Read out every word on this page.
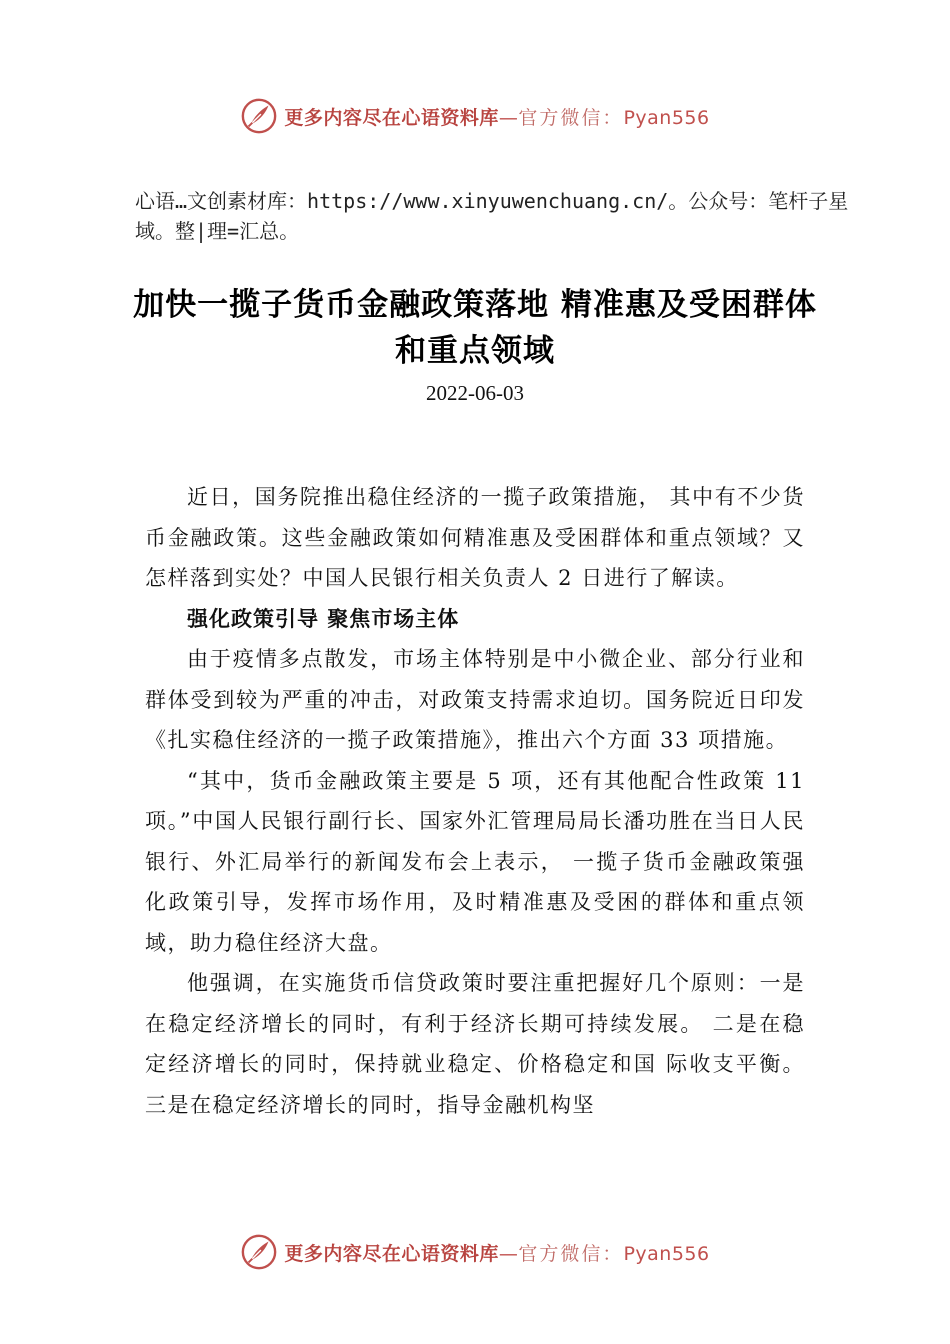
更多内容尽在心语资料库—官方微信：Pyan556
心语…文创素材库：https://www.xinyuwenchuang.cn/。公众号：笔杆子星域。整|理=汇总。
加快一揽子货币金融政策落地 精准惠及受困群体和重点领域
2022-06-03

近日，国务院推出稳住经济的一揽子政策措施， 其中有不少货币金融政策。这些金融政策如何精准惠及受困群体和重点领域？又怎样落到实处？中国人民银行相关负责人 2 日进行了解读。

强化政策引导 聚焦市场主体

由于疫情多点散发，市场主体特别是中小微企业、部分行业和群体受到较为严重的冲击，对政策支持需求迫切。国务院近日印发《扎实稳住经济的一揽子政策措施》，推出六个方面 33 项措施。

“其中，货币金融政策主要是 5 项，还有其他配合性政策 11 项。”中国人民银行副行长、国家外汇管理局局长潘功胜在当日人民银行、外汇局举行的新闻发布会上表示， 一揽子货币金融政策强化政策引导，发挥市场作用，及时精准惠及受困的群体和重点领域，助力稳住经济大盘。

他强调，在实施货币信贷政策时要注重把握好几个原则：一是在稳定经济增长的同时，有利于经济长期可持续发展。 二是在稳定经济增长的同时，保持就业稳定、价格稳定和国 际收支平衡。三是在稳定经济增长的同时，指导金融机构坚

更多内容尽在心语资料库—官方微信：Pyan556
